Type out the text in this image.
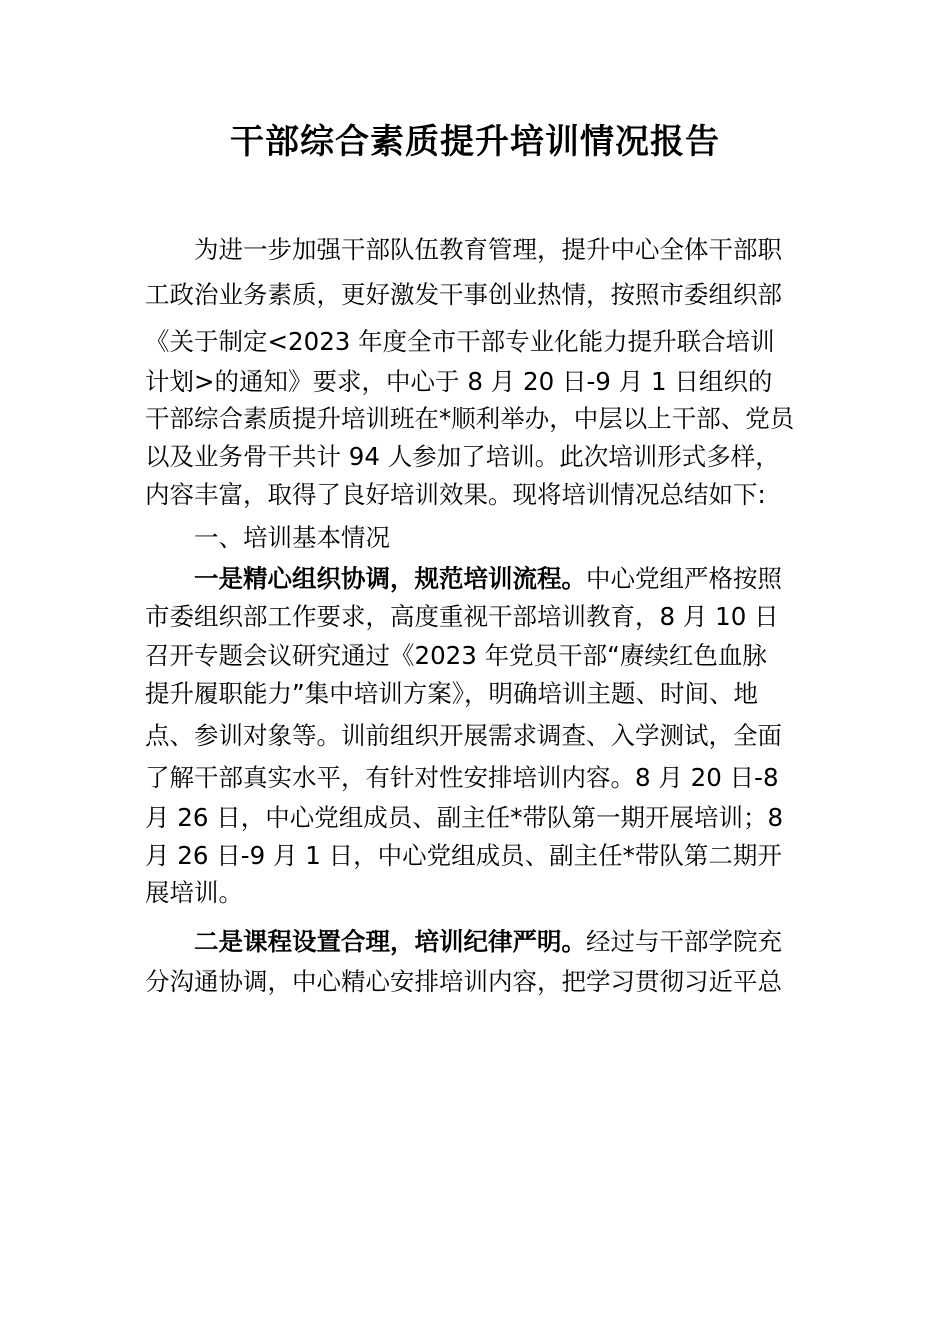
干部综合素质提升培训情况报告
为进一步加强干部队伍教育管理，提升中心全体干部职
工政治业务素质，更好激发干事创业热情，按照市委组织部
《关于制定<2023 年度全市干部专业化能力提升联合培训
计划>的通知》要求，中心于 8 月 20 日-9 月 1 日组织的
干部综合素质提升培训班在*顺利举办，中层以上干部、党员
以及业务骨干共计 94 人参加了培训。此次培训形式多样，
内容丰富，取得了良好培训效果。现将培训情况总结如下:
一、培训基本情况
一是精心组织协调，规范培训流程。中心党组严格按照
市委组织部工作要求，高度重视干部培训教育，8 月 10 日
召开专题会议研究通过《2023 年党员干部“赓续红色血脉
提升履职能力”集中培训方案》，明确培训主题、时间、地
点、参训对象等。训前组织开展需求调查、入学测试，全面
了解干部真实水平，有针对性安排培训内容。8 月 20 日-8
月 26 日，中心党组成员、副主任*带队第一期开展培训；8
月 26 日-9 月 1 日，中心党组成员、副主任*带队第二期开
展培训。
二是课程设置合理，培训纪律严明。经过与干部学院充
分沟通协调，中心精心安排培训内容，把学习贯彻习近平总
